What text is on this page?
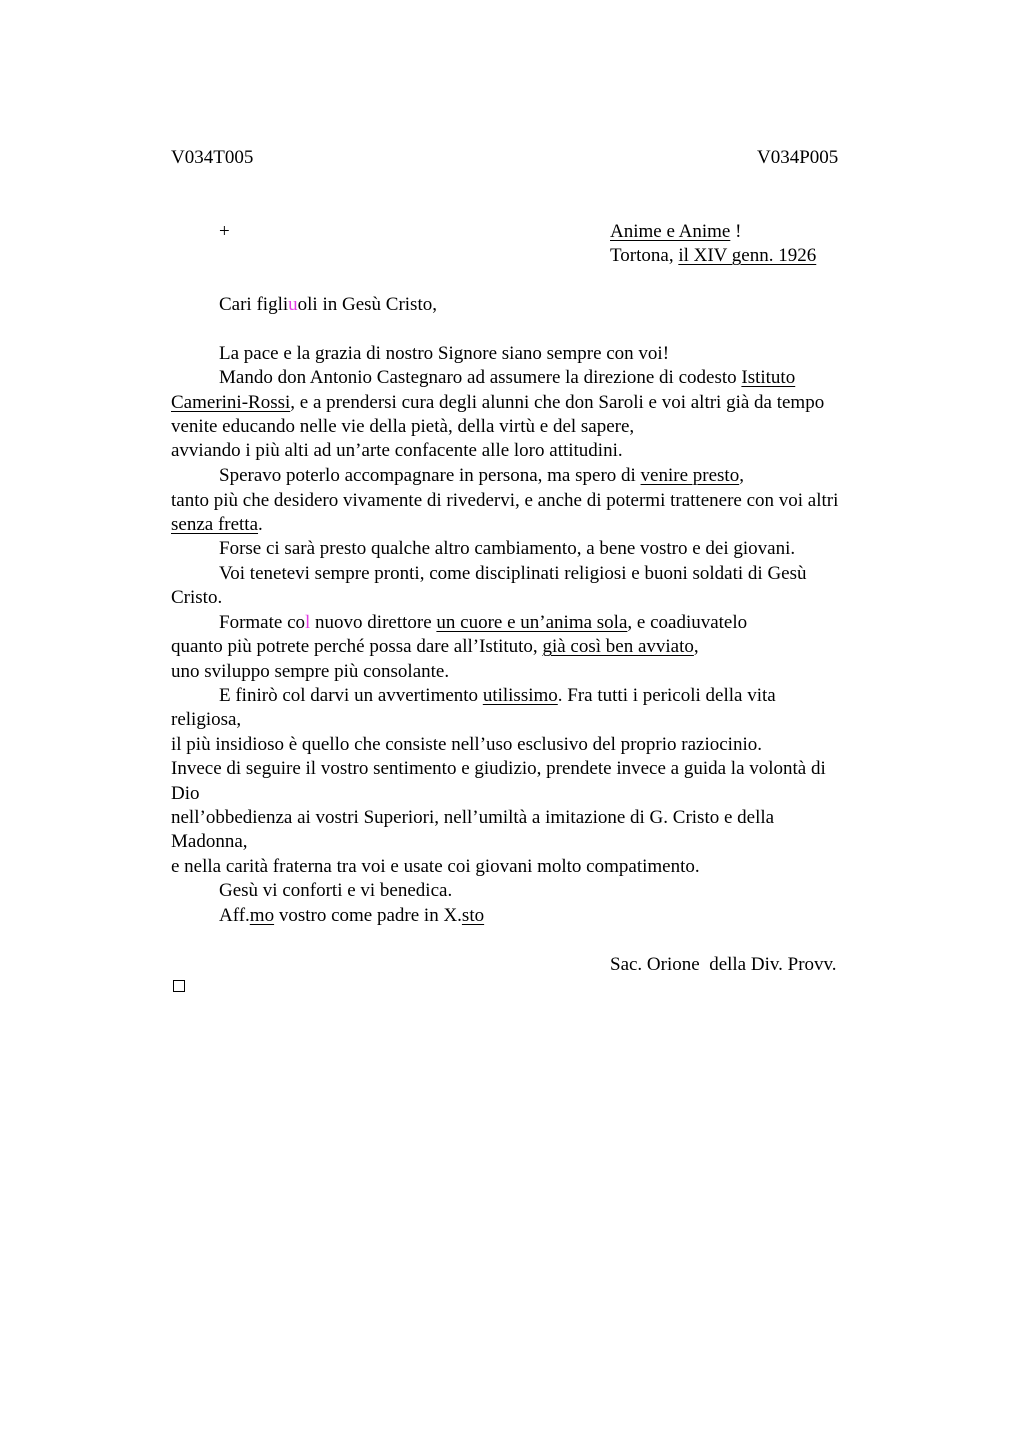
V034T005	V034P005
+	Anime e Anime !
Tortona, il XIV genn. 1926
Cari figliuoli in Gesù Cristo,
La pace e la grazia di nostro Signore siano sempre con voi!
Mando don Antonio Castegnaro ad assumere la direzione di codesto Istituto
Camerini-Rossi, e a prendersi cura degli alunni che don Saroli e voi altri già da tempo
venite educando nelle vie della pietà, della virtù e del sapere,
avviando i più alti ad un’arte confacente alle loro attitudini.
Speravo poterlo accompagnare in persona, ma spero di venire presto,
tanto più che desidero vivamente di rivedervi, e anche di potermi trattenere con voi altri
senza fretta.
Forse ci sarà presto qualche altro cambiamento, a bene vostro e dei giovani.
Voi tenetevi sempre pronti, come disciplinati religiosi e buoni soldati di Gesù
Cristo.
Formate col nuovo direttore un cuore e un’anima sola, e coadiuvatelo
quanto più potrete perché possa dare all’Istituto, già così ben avviato,
uno sviluppo sempre più consolante.
E finirò col darvi un avvertimento utilissimo. Fra tutti i pericoli della vita
religiosa,
il più insidioso è quello che consiste nell’uso esclusivo del proprio raziocinio.
Invece di seguire il vostro sentimento e giudizio, prendete invece a guida la volontà di
Dio
nell’obbedienza ai vostri Superiori, nell’umiltà a imitazione di G. Cristo e della
Madonna,
e nella carità fraterna tra voi e usate coi giovani molto compatimento.
Gesù vi conforti e vi benedica.
Aff.mo vostro come padre in X.sto
Sac. Orione  della Div. Provv.
